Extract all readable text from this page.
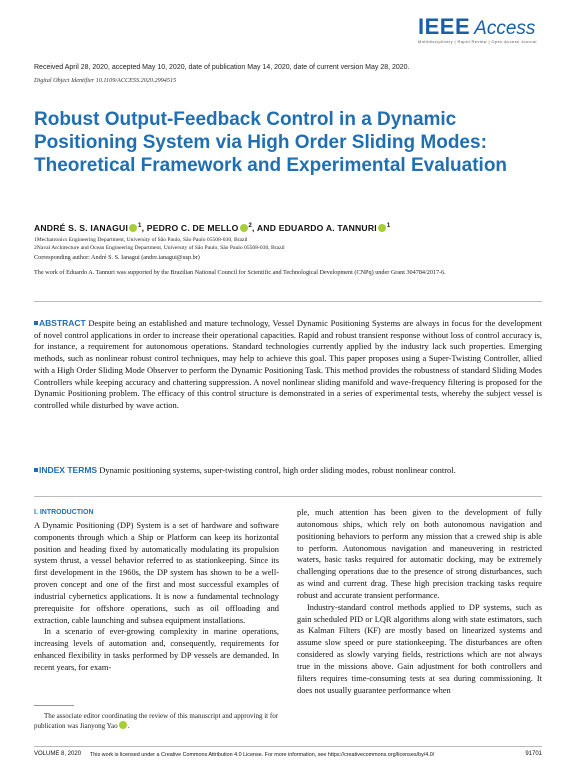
IEEE Access
Multidisciplinary | Rapid Review | Open Access Journal
Received April 28, 2020, accepted May 10, 2020, date of publication May 14, 2020, date of current version May 28, 2020.
Digital Object Identifier 10.1109/ACCESS.2020.2994515
Robust Output-Feedback Control in a Dynamic Positioning System via High Order Sliding Modes: Theoretical Framework and Experimental Evaluation
ANDRÉ S. S. IANAGUI $^1$, PEDRO C. DE MELLO $^2$, AND EDUARDO A. TANNURI $^1$
1Mechatronics Engineering Department, University of São Paulo, São Paulo 05508-030, Brazil
2Naval Architecture and Ocean Engineering Department, University of São Paulo, São Paulo 05508-030, Brazil
Corresponding author: André S. S. Ianagui (andre.ianagui@usp.br)
The work of Eduardo A. Tannuri was supported by the Brazilian National Council for Scientific and Technological Development (CNPq) under Grant 304784/2017-6.
ABSTRACT Despite being an established and mature technology, Vessel Dynamic Positioning Systems are always in focus for the development of novel control applications in order to increase their operational capacities. Rapid and robust transient response without loss of control accuracy is, for instance, a requirement for autonomous operations. Standard technologies currently applied by the industry lack such properties. Emerging methods, such as nonlinear robust control techniques, may help to achieve this goal. This paper proposes using a Super-Twisting Controller, allied with a High Order Sliding Mode Observer to perform the Dynamic Positioning Task. This method provides the robustness of standard Sliding Modes Controllers while keeping accuracy and chattering suppression. A novel nonlinear sliding manifold and wave-frequency filtering is proposed for the Dynamic Positioning problem. The efficacy of this control structure is demonstrated in a series of experimental tests, whereby the subject vessel is controlled while disturbed by wave action.
INDEX TERMS Dynamic positioning systems, super-twisting control, high order sliding modes, robust nonlinear control.
I. INTRODUCTION

A Dynamic Positioning (DP) System is a set of hardware and software components through which a Ship or Platform can keep its horizontal position and heading fixed by automatically modulating its propulsion system thrust, a vessel behavior referred to as stationkeeping. Since its first development in the 1960s, the DP system has shown to be a well-proven concept and one of the first and most successful examples of industrial cybernetics applications. It is now a fundamental technology prerequisite for offshore operations, such as oil offloading and extraction, cable launching and subsea equipment installations.

In a scenario of ever-growing complexity in marine operations, increasing levels of automation and, consequently, requirements for enhanced flexibility in tasks performed by DP vessels are demanded. In recent years, for exam-

ple, much attention has been given to the development of fully autonomous ships, which rely on both autonomous navigation and positioning behaviors to perform any mission that a crewed ship is able to perform. Autonomous navigation and maneuvering in restricted waters, basic tasks required for automatic docking, may be extremely challenging operations due to the presence of strong disturbances, such as wind and current drag. These high precision tracking tasks require robust and accurate transient performance.

Industry-standard control methods applied to DP systems, such as gain scheduled PID or LQR algorithms along with state estimators, such as Kalman Filters (KF) are mostly based on linearized systems and assume slow speed or pure stationkeeping. The disturbances are often considered as slowly varying fields, restrictions which are not always true in the missions above. Gain adjustment for both controllers and filters requires time-consuming tests at sea during commissioning. It does not usually guarantee performance when

The associate editor coordinating the review of this manuscript and approving it for publication was Jianyong Yao .
VOLUME 8, 2020 This work is licensed under a Creative Commons Attribution 4.0 License. For more information, see https://creativecommons.org/licenses/by/4.0/	91701
